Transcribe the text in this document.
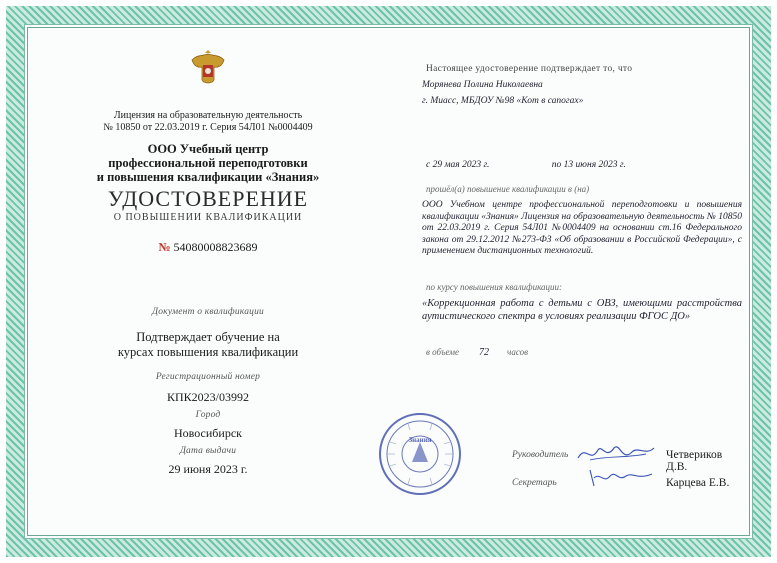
Лицензия на образовательную деятельность
№ 10850 от 22.03.2019 г. Серия 54Л01 №0004409
ООО Учебный центр
профессиональной переподготовки
и повышения квалификации «Знания»
УДОСТОВЕРЕНИЕ
О ПОВЫШЕНИИ КВАЛИФИКАЦИИ
№ 54080008823689
Документ о квалификации
Подтверждает обучение на
курсах повышения квалификации
Регистрационный номер
КПК2023/03992
Город
Новосибирск
Дата выдачи
29 июня 2023 г.
Настоящее удостоверение подтверждает то, что
Морянева Полина Николаевна
г. Миасс, МБДОУ №98 «Кот в сапогах»
с 29 мая 2023 г.	по 13 июня 2023 г.
прошёл(а) повышение квалификации в (на)
ООО Учебном центре профессиональной переподготовки и повышения квалификации «Знания» Лицензия на образовательную деятельность № 10850 от 22.03.2019 г. Серия 54Л01 №0004409 на основании ст.16 Федерального закона от 29.12.2012 №273-ФЗ «Об образовании в Российской Федерации», с применением дистанционных технологий.
по курсу повышения квалификации:
«Коррекционная работа с детьми с ОВЗ, имеющими расстройства аутистического спектра в условиях реализации ФГОС ДО»
в объеме 72 часов
Знания
Руководитель	Четвериков Д.В.
Секретарь	Карцева Е.В.
